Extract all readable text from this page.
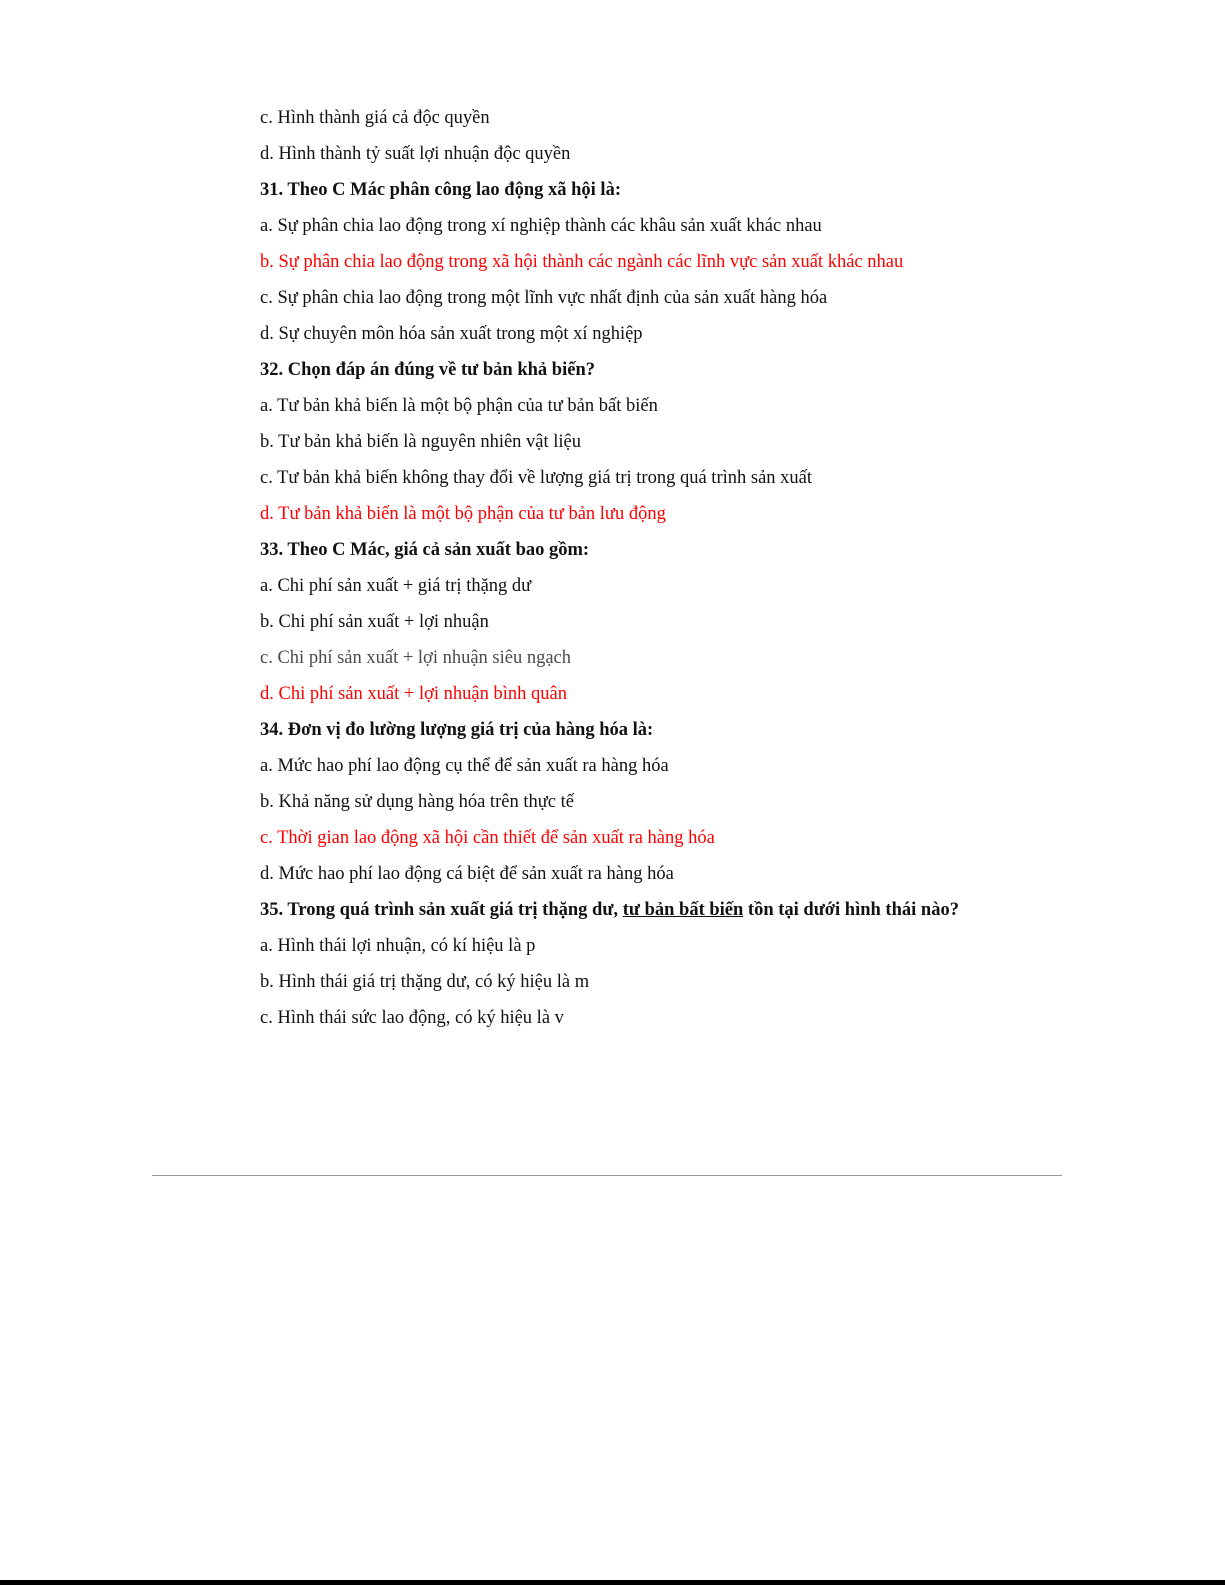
c. Hình thành giá cả độc quyền
d. Hình thành tỷ suất lợi nhuận độc quyền
31. Theo C Mác phân công lao động xã hội là:
a. Sự phân chia lao động trong xí nghiệp thành các khâu sản xuất khác nhau
b. Sự phân chia lao động trong xã hội thành các ngành các lĩnh vực sản xuất khác nhau
c. Sự phân chia lao động trong một lĩnh vực nhất định của sản xuất hàng hóa
d. Sự chuyên môn hóa sản xuất trong một xí nghiệp
32. Chọn đáp án đúng về tư bản khả biến?
a. Tư bản khả biến là một bộ phận của tư bản bất biến
b. Tư bản khả biến là nguyên nhiên vật liệu
c. Tư bản khả biến không thay đổi về lượng giá trị trong quá trình sản xuất
d. Tư bản khả biến là một bộ phận của tư bản lưu động
33. Theo C Mác, giá cả sản xuất bao gồm:
a. Chi phí sản xuất + giá trị thặng dư
b. Chi phí sản xuất + lợi nhuận
c. Chi phí sản xuất + lợi nhuận siêu ngạch
d. Chi phí sản xuất + lợi nhuận bình quân
34. Đơn vị đo lường lượng giá trị của hàng hóa là:
a. Mức hao phí lao động cụ thể để sản xuất ra hàng hóa
b. Khả năng sử dụng hàng hóa trên thực tế
c. Thời gian lao động xã hội cần thiết để sản xuất ra hàng hóa
d. Mức hao phí lao động cá biệt để sản xuất ra hàng hóa
35. Trong quá trình sản xuất giá trị thặng dư, tư bản bất biến tồn tại dưới hình thái nào?
a. Hình thái lợi nhuận, có kí hiệu là p
b. Hình thái giá trị thặng dư, có ký hiệu là m
c. Hình thái sức lao động, có ký hiệu là v
